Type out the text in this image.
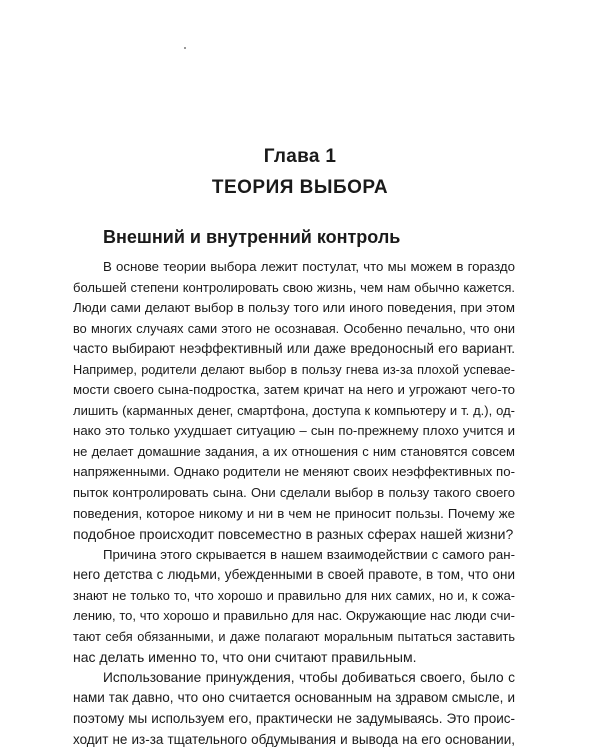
Глава 1
ТЕОРИЯ ВЫБОРА
Внешний и внутренний контроль
В основе теории выбора лежит постулат, что мы можем в гораздо
большей степени контролировать свою жизнь, чем нам обычно кажется.
Люди сами делают выбор в пользу того или иного поведения, при этом
во многих случаях сами этого не осознавая. Особенно печально, что они
часто выбирают неэффективный или даже вредоносный его вариант.
Например, родители делают выбор в пользу гнева из-за плохой успевае-
мости своего сына-подростка, затем кричат на него и угрожают чего-то
лишить (карманных денег, смартфона, доступа к компьютеру и т. д.), од-
нако это только ухудшает ситуацию – сын по-прежнему плохо учится и
не делает домашние задания, а их отношения с ним становятся совсем
напряженными. Однако родители не меняют своих неэффективных по-
пыток контролировать сына. Они сделали выбор в пользу такого своего
поведения, которое никому и ни в чем не приносит пользы. Почему же
подобное происходит повсеместно в разных сферах нашей жизни?
Причина этого скрывается в нашем взаимодействии с самого ран-
него детства с людьми, убежденными в своей правоте, в том, что они
знают не только то, что хорошо и правильно для них самих, но и, к сожа-
лению, то, что хорошо и правильно для нас. Окружающие нас люди счи-
тают себя обязанными, и даже полагают моральным пытаться заставить
нас делать именно то, что они считают правильным.
Использование принуждения, чтобы добиваться своего, было с
нами так давно, что оно считается основанным на здравом смысле, и
поэтому мы используем его, практически не задумываясь. Это проис-
ходит не из-за тщательного обдумывания и вывода на его основании,
